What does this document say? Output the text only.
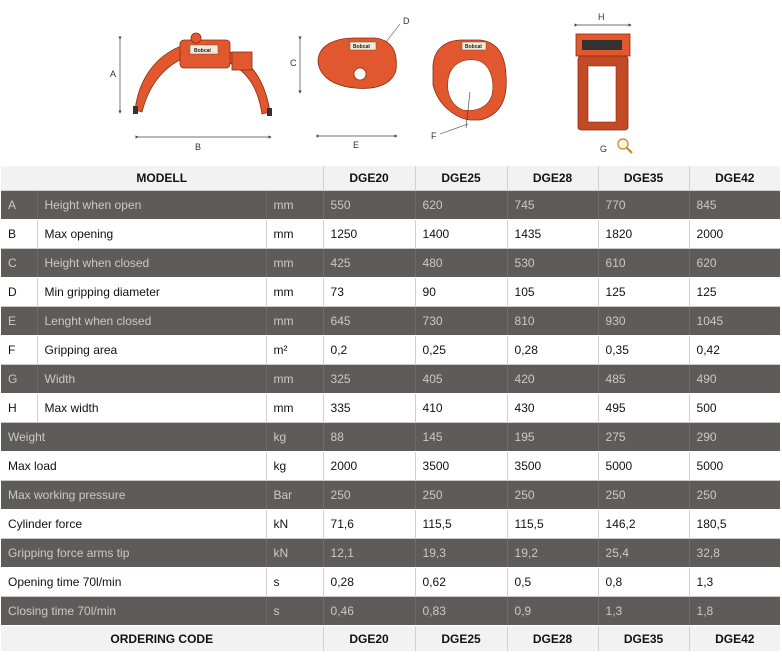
Bobcat
A
B
Bobcat
C
D
E
Bobcat
F
H
G
MODELL			DGE20	DGE25	DGE28	DGE35	DGE42
A	Height when open	mm	550	620	745	770	845
B	Max opening	mm	1250	1400	1435	1820	2000
C	Height when closed	mm	425	480	530	610	620
D	Min gripping diameter	mm	73	90	105	125	125
E	Lenght when closed	mm	645	730	810	930	1045
F	Gripping area	m²	0,2	0,25	0,28	0,35	0,42
G	Width	mm	325	405	420	485	490
H	Max width	mm	335	410	430	495	500
Weight		kg	88	145	195	275	290
Max load		kg	2000	3500	3500	5000	5000
Max working pressure		Bar	250	250	250	250	250
Cylinder force		kN	71,6	115,5	115,5	146,2	180,5
Gripping force arms tip		kN	12,1	19,3	19,2	25,4	32,8
Opening time 70l/min		s	0,28	0,62	0,5	0,8	1,3
Closing time 70l/min		s	0,46	0,83	0,9	1,3	1,8
ORDERING CODE			DGE20	DGE25	DGE28	DGE35	DGE42
